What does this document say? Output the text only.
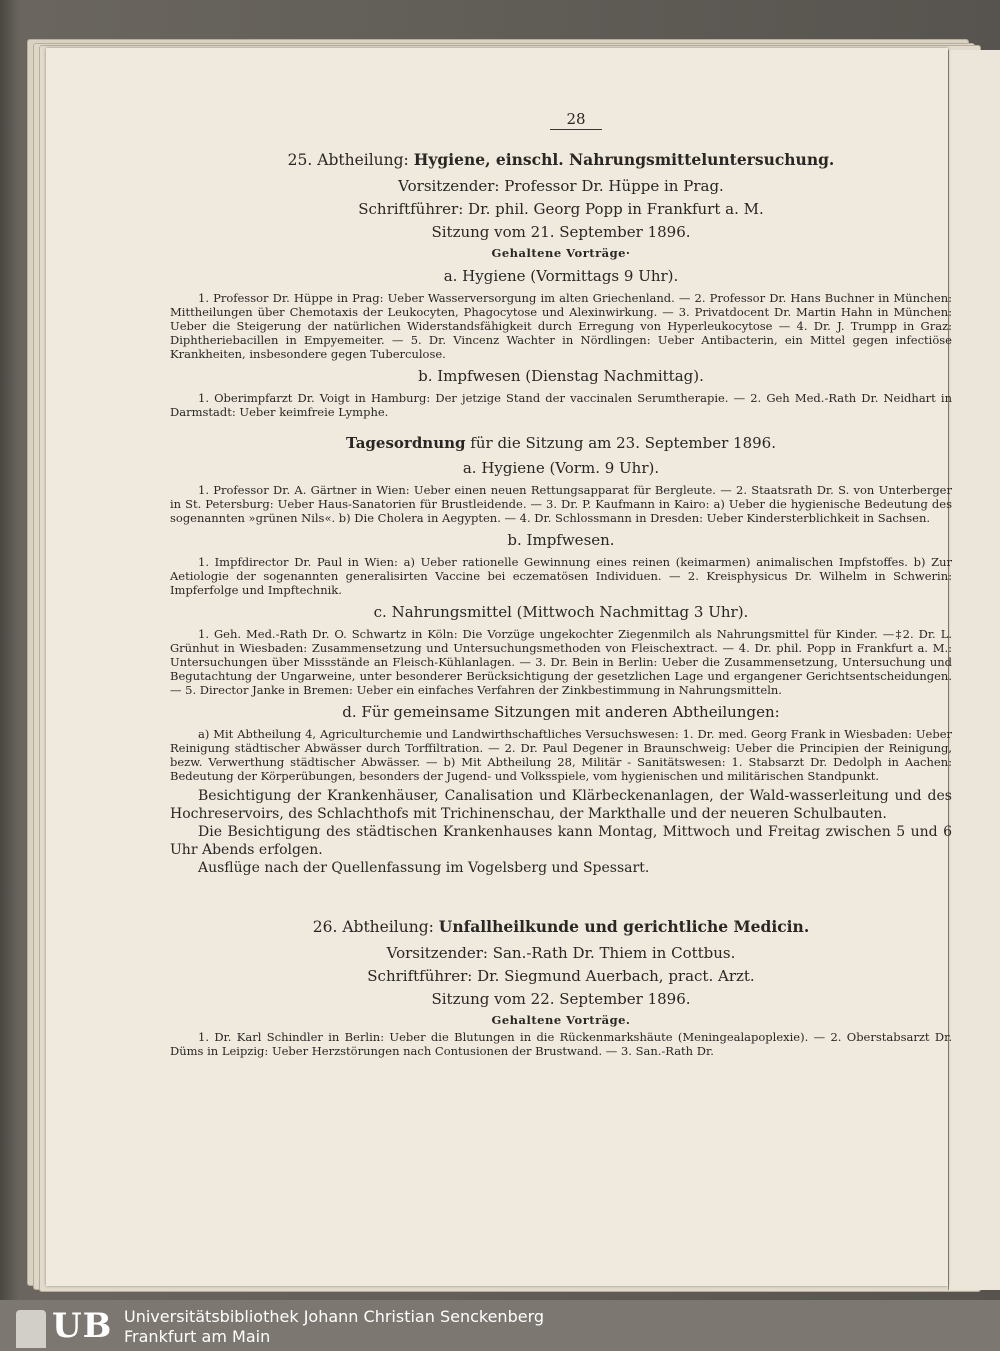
28
25. Abtheilung: Hygiene, einschl. Nahrungsmitteluntersuchung.
Vorsitzender: Professor Dr. Hüppe in Prag.
Schriftführer: Dr. phil. Georg Popp in Frankfurt a. M.
Sitzung vom 21. September 1896.
Gehaltene Vorträge·
a. Hygiene (Vormittags 9 Uhr).

1. Professor Dr. Hüppe in Prag: Ueber Wasserversorgung im alten Griechenland. — 2. Professor Dr. Hans Buchner in München: Mittheilungen über Chemotaxis der Leukocyten, Phagocytose und Alexinwirkung. — 3. Privatdocent Dr. Martin Hahn in München: Ueber die Steigerung der natürlichen Widerstandsfähigkeit durch Erregung von Hyperleukocytose — 4. Dr. J. Trumpp in Graz: Diphtheriebacillen in Empyemeiter. — 5. Dr. Vincenz Wachter in Nördlingen: Ueber Antibacterin, ein Mittel gegen infectiöse Krankheiten, insbesondere gegen Tuberculose.

b. Impfwesen (Dienstag Nachmittag).

1. Oberimpfarzt Dr. Voigt in Hamburg: Der jetzige Stand der vaccinalen Serumtherapie. — 2. Geh Med.-Rath Dr. Neidhart in Darmstadt: Ueber keimfreie Lymphe.

Tagesordnung für die Sitzung am 23. September 1896.
a. Hygiene (Vorm. 9 Uhr).

1. Professor Dr. A. Gärtner in Wien: Ueber einen neuen Rettungsapparat für Bergleute. — 2. Staatsrath Dr. S. von Unterberger in St. Petersburg: Ueber Haus-Sanatorien für Brustleidende. — 3. Dr. P. Kaufmann in Kairo: a) Ueber die hygienische Bedeutung des sogenannten »grünen Nils«. b) Die Cholera in Aegypten. — 4. Dr. Schlossmann in Dresden: Ueber Kindersterblichkeit in Sachsen.

b. Impfwesen.

1. Impfdirector Dr. Paul in Wien: a) Ueber rationelle Gewinnung eines reinen (keimarmen) animalischen Impfstoffes. b) Zur Aetiologie der sogenannten generalisirten Vaccine bei eczematösen Individuen. — 2. Kreisphysicus Dr. Wilhelm in Schwerin: Impferfolge und Impftechnik.

c. Nahrungsmittel (Mittwoch Nachmittag 3 Uhr).

1. Geh. Med.-Rath Dr. O. Schwartz in Köln: Die Vorzüge ungekochter Ziegenmilch als Nahrungsmittel für Kinder. —‡2. Dr. L. Grünhut in Wiesbaden: Zusammensetzung und Untersuchungsmethoden von Fleischextract. — 4. Dr. phil. Popp in Frankfurt a. M.: Untersuchungen über Missstände an Fleisch-Kühlanlagen. — 3. Dr. Bein in Berlin: Ueber die Zusammensetzung, Untersuchung und Begutachtung der Ungarweine, unter besonderer Berücksichtigung der gesetzlichen Lage und ergangener Gerichtsentscheidungen. — 5. Director Janke in Bremen: Ueber ein einfaches Verfahren der Zinkbestimmung in Nahrungsmitteln.

d. Für gemeinsame Sitzungen mit anderen Abtheilungen:

a) Mit Abtheilung 4, Agriculturchemie und Landwirthschaftliches Versuchswesen: 1. Dr. med. Georg Frank in Wiesbaden: Ueber Reinigung städtischer Abwässer durch Torffiltration. — 2. Dr. Paul Degener in Braunschweig: Ueber die Principien der Reinigung, bezw. Verwerthung städtischer Abwässer. — b) Mit Abtheilung 28, Militär - Sanitätswesen: 1. Stabsarzt Dr. Dedolph in Aachen: Bedeutung der Körperübungen, besonders der Jugend- und Volksspiele, vom hygienischen und militärischen Standpunkt.

Besichtigung der Krankenhäuser, Canalisation und Klärbeckenanlagen, der Wald-wasserleitung und des Hochreservoirs, des Schlachthofs mit Trichinenschau, der Markthalle und der neueren Schulbauten.

Die Besichtigung des städtischen Krankenhauses kann Montag, Mittwoch und Freitag zwischen 5 und 6 Uhr Abends erfolgen.

Ausflüge nach der Quellenfassung im Vogelsberg und Spessart.

26. Abtheilung: Unfallheilkunde und gerichtliche Medicin.
Vorsitzender: San.-Rath Dr. Thiem in Cottbus.
Schriftführer: Dr. Siegmund Auerbach, pract. Arzt.
Sitzung vom 22. September 1896.
Gehaltene Vorträge.

1. Dr. Karl Schindler in Berlin: Ueber die Blutungen in die Rückenmarkshäute (Meningealapoplexie). — 2. Oberstabsarzt Dr. Düms in Leipzig: Ueber Herzstörungen nach Contusionen der Brustwand. — 3. San.-Rath Dr.

UB Universitätsbibliothek Johann Christian Senckenberg
Frankfurt am Main
